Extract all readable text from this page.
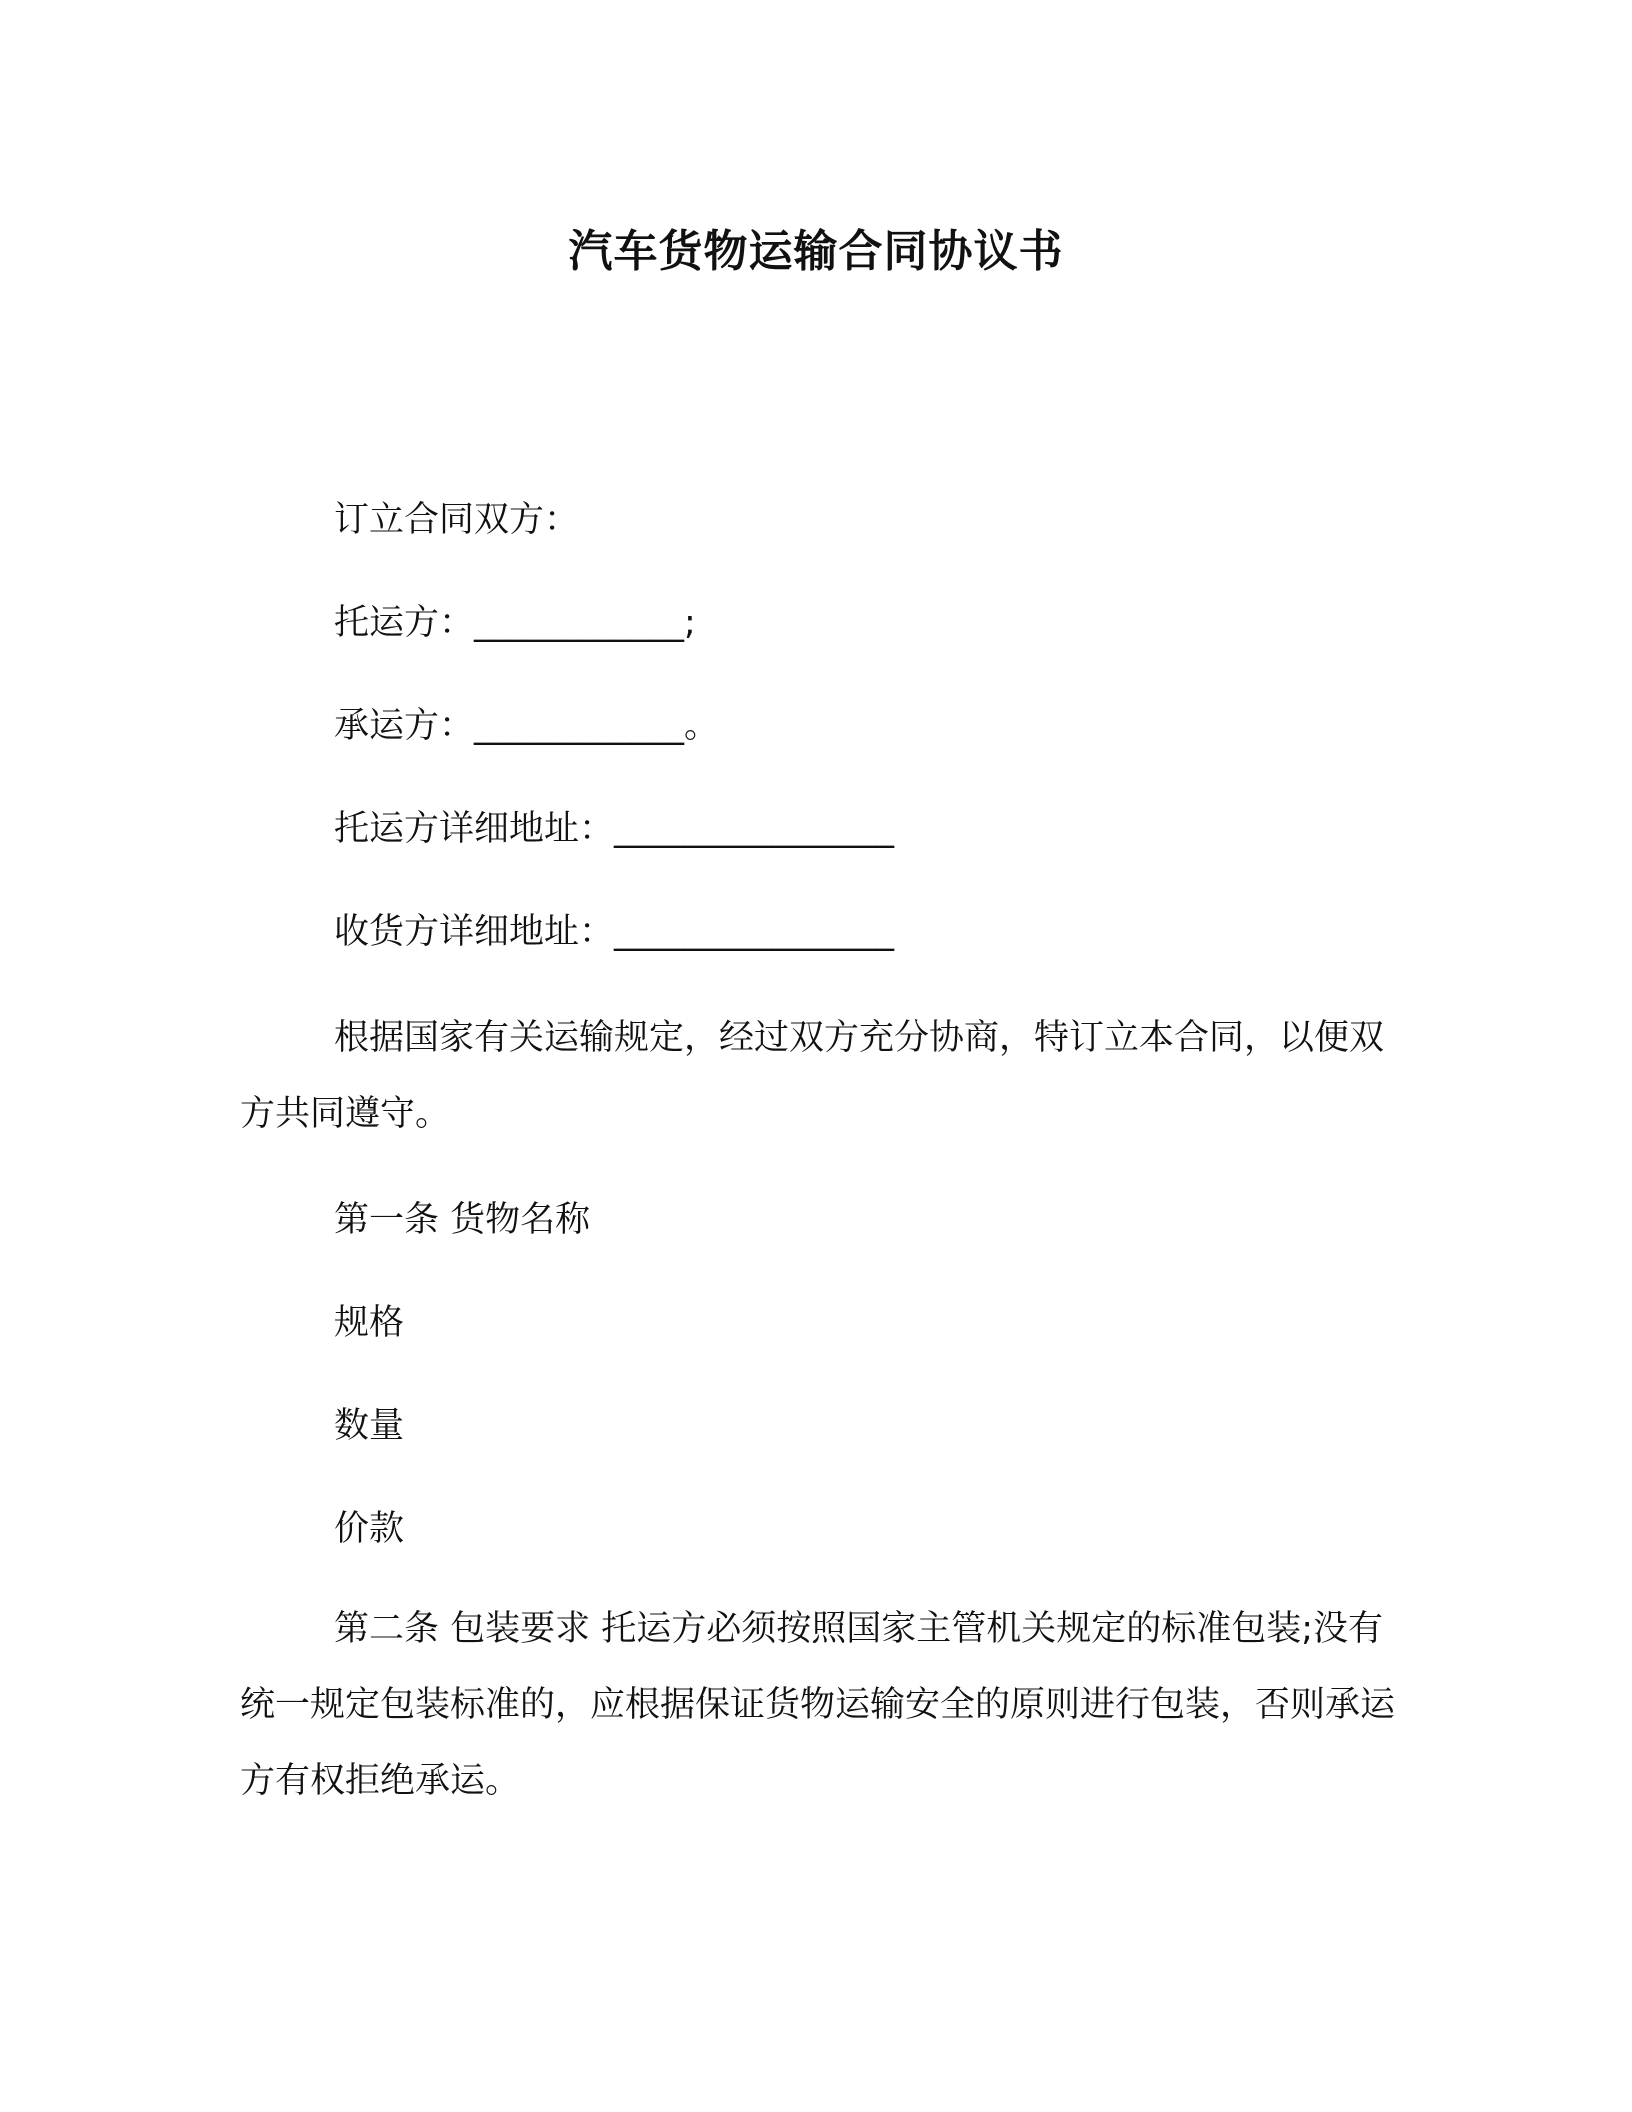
汽车货物运输合同协议书
订立合同双方：
托运方：____________;
承运方：____________。
托运方详细地址：________________
收货方详细地址：________________
根据国家有关运输规定，经过双方充分协商，特订立本合同，以便双方共同遵守。
第一条 货物名称
规格
数量
价款
第二条 包装要求 托运方必须按照国家主管机关规定的标准包装;没有统一规定包装标准的，应根据保证货物运输安全的原则进行包装，否则承运方有权拒绝承运。
